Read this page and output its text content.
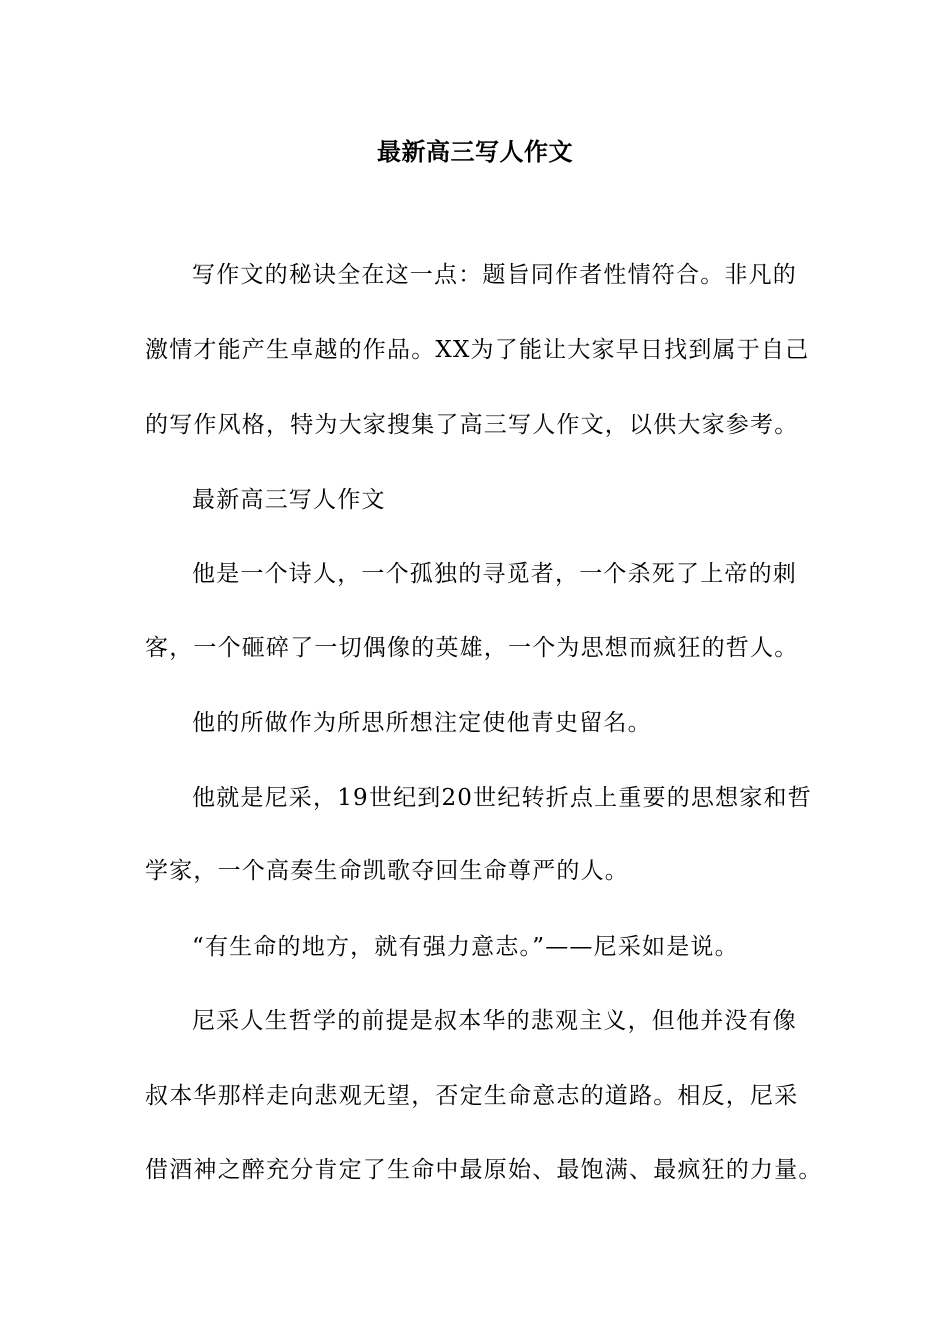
最新高三写人作文
写作文的秘诀全在这一点：题旨同作者性情符合。非凡的
激情才能产生卓越的作品。XX为了能让大家早日找到属于自己
的写作风格，特为大家搜集了高三写人作文，以供大家参考。
最新高三写人作文
他是一个诗人，一个孤独的寻觅者，一个杀死了上帝的刺
客，一个砸碎了一切偶像的英雄，一个为思想而疯狂的哲人。
他的所做作为所思所想注定使他青史留名。
他就是尼采，19世纪到20世纪转折点上重要的思想家和哲
学家，一个高奏生命凯歌夺回生命尊严的人。
“有生命的地方，就有强力意志。”——尼采如是说。
尼采人生哲学的前提是叔本华的悲观主义，但他并没有像
叔本华那样走向悲观无望，否定生命意志的道路。相反，尼采
借酒神之醉充分肯定了生命中最原始、最饱满、最疯狂的力量。
